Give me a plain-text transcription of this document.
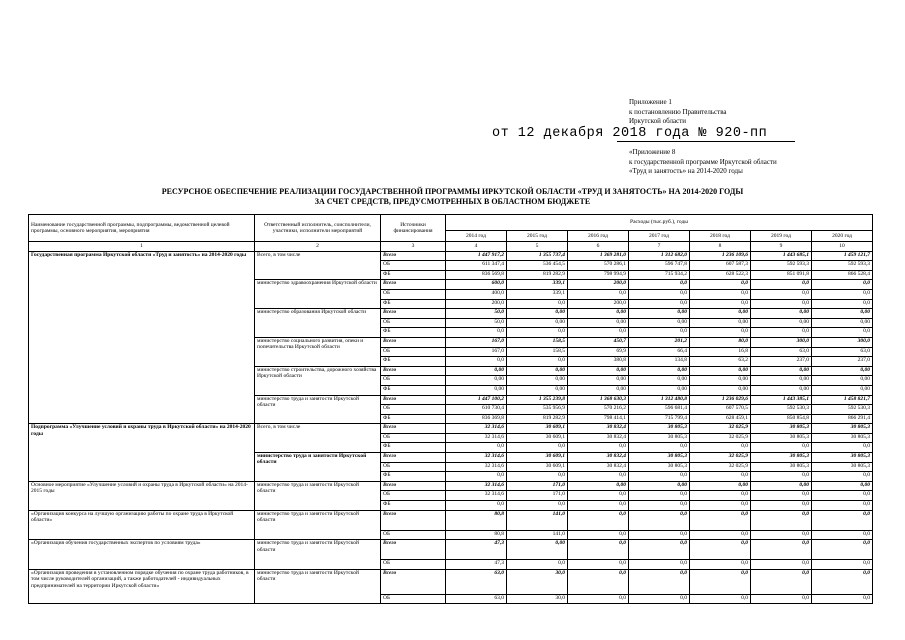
Приложение 1
к постановлению Правительства
Иркутской области
от 12 декабря 2018 года № 920-пп
«Приложение 8
к государственной программе Иркутской области
«Труд и занятость» на 2014-2020 годы
РЕСУРСНОЕ ОБЕСПЕЧЕНИЕ РЕАЛИЗАЦИИ ГОСУДАРСТВЕННОЙ ПРОГРАММЫ ИРКУТСКОЙ ОБЛАСТИ «ТРУД И ЗАНЯТОСТЬ» НА 2014-2020 ГОДЫ
ЗА СЧЕТ СРЕДСТВ, ПРЕДУСМОТРЕННЫХ В ОБЛАСТНОМ БЮДЖЕТЕ
Наименование государственной программы, подпрограммы, ведомственной целевой программы, основного мероприятия, мероприятия	Ответственный исполнитель, соисполнители, участники, исполнители мероприятий	Источники финансирования	Расходы (тыс.руб.), годы						
			2014 год	2015 год	2016 год	2017 год	2018 год	2019 год	2020 год
1	2	3	4	5	6	7	8	9	10
Государственная программа Иркутской области «Труд и занятость» на 2014-2020 годы	Всего, в том числе	Всего	1 447 917,2	1 355 737,4	1 369 281,0	1 312 682,0	1 236 109,6	1 443 685,1	1 459 121,7
		ОБ	611 347,4	536 454,5	570 286,1	596 747,8	607 587,3	592 593,3	592 593,3
		ФБ	836 569,8	819 282,9	798 994,9	715 934,2	628 522,3	851 091,8	866 528,4
	министерство здравоохранения Иркутской области	Всего	600,0	339,1	200,0	0,0	0,0	0,0	0,0
		ОБ	400,0	339,1	0,0	0,0	0,0	0,0	0,0
		ФБ	200,0	0,0	200,0	0,0	0,0	0,0	0,0
	министерство образования Иркутской области	Всего	50,0	0,00	0,00	0,00	0,00	0,00	0,00
		ОБ	50,0	0,00	0,00	0,00	0,00	0,00	0,00
		ФБ	0,0	0,0	0,0	0,0	0,0	0,0	0,0
	министерство социального развития, опеки и попечительства Иркутской области	Всего	167,0	158,5	450,7	201,2	80,0	300,0	300,0
		ОБ	167,0	158,5	69,9	66,4	16,8	63,0	63,0
		ФБ	0,0	0,0	380,8	134,8	63,2	237,0	237,0
	министерство строительства, дорожного хозяйства Иркутской области	Всего	0,00	0,00	0,00	0,00	0,00	0,00	0,00
		ОБ	0,00	0,00	0,00	0,00	0,00	0,00	0,00
		ФБ	0,00	0,00	0,00	0,00	0,00	0,00	0,00
	министерство труда и занятости Иркутской области	Всего	1 447 100,2	1 355 239,8	1 368 630,3	1 312 480,8	1 236 029,6	1 443 385,1	1 458 821,7
		ОБ	610 730,4	535 956,9	570 216,2	596 681,4	607 570,5	592 530,3	592 530,3
		ФБ	836 369,8	819 282,9	798 414,1	715 799,4	628 459,1	850 854,8	866 291,4
Подпрограмма «Улучшение условий и охраны труда в Иркутской области» на 2014-2020 годы	Всего, в том числе	Всего	32 314,6	30 609,1	30 832,4	30 805,3	32 025,9	30 805,3	30 805,3
		ОБ	32 314,6	30 609,1	30 832,4	30 805,3	32 025,9	30 805,3	30 805,3
		ФБ	0,0	0,0	0,0	0,0	0,0	0,0	0,0
	министерство труда и занятости Иркутской области	Всего	32 314,6	30 609,1	30 832,4	30 805,3	32 025,9	30 805,3	30 805,3
		ОБ	32 314,6	30 609,1	30 832,4	30 805,3	32 025,9	30 805,3	30 805,3
		ФБ	0,0	0,0	0,0	0,0	0,0	0,0	0,0
Основное мероприятие «Улучшение условий и охраны труда в Иркутской области» на 2014-2015 годы	министерство труда и занятости Иркутской области	Всего	32 314,6	171,0	0,00	0,00	0,00	0,00	0,00
		ОБ	32 314,6	171,0	0,0	0,0	0,0	0,0	0,0
		ФБ	0,0	0,0	0,0	0,0	0,0	0,0	0,0
«Организация конкурса на лучшую организацию работы по охране труда в Иркутской области»	министерство труда и занятости Иркутской области	Всего	80,8	141,0	0,0	0,0	0,0	0,0	0,0
		ОБ	80,8	141,0	0,0	0,0	0,0	0,0	0,0
«Организация обучения государственных экспертов по условиям труда»	министерство труда и занятости Иркутской области	Всего	47,3	0,00	0,0	0,0	0,0	0,0	0,0
		ОБ	47,3	0,0	0,0	0,0	0,0	0,0	0,0
«Организация проведения в установленном порядке обучения по охране труда работников, в том числе руководителей организаций, а также работодателей - индивидуальных предпринимателей на территории Иркутской области»	министерство труда и занятости Иркутской области	Всего	63,0	30,0	0,0	0,0	0,0	0,0	0,0
		ОБ	63,0	30,0	0,0	0,0	0,0	0,0	0,0
